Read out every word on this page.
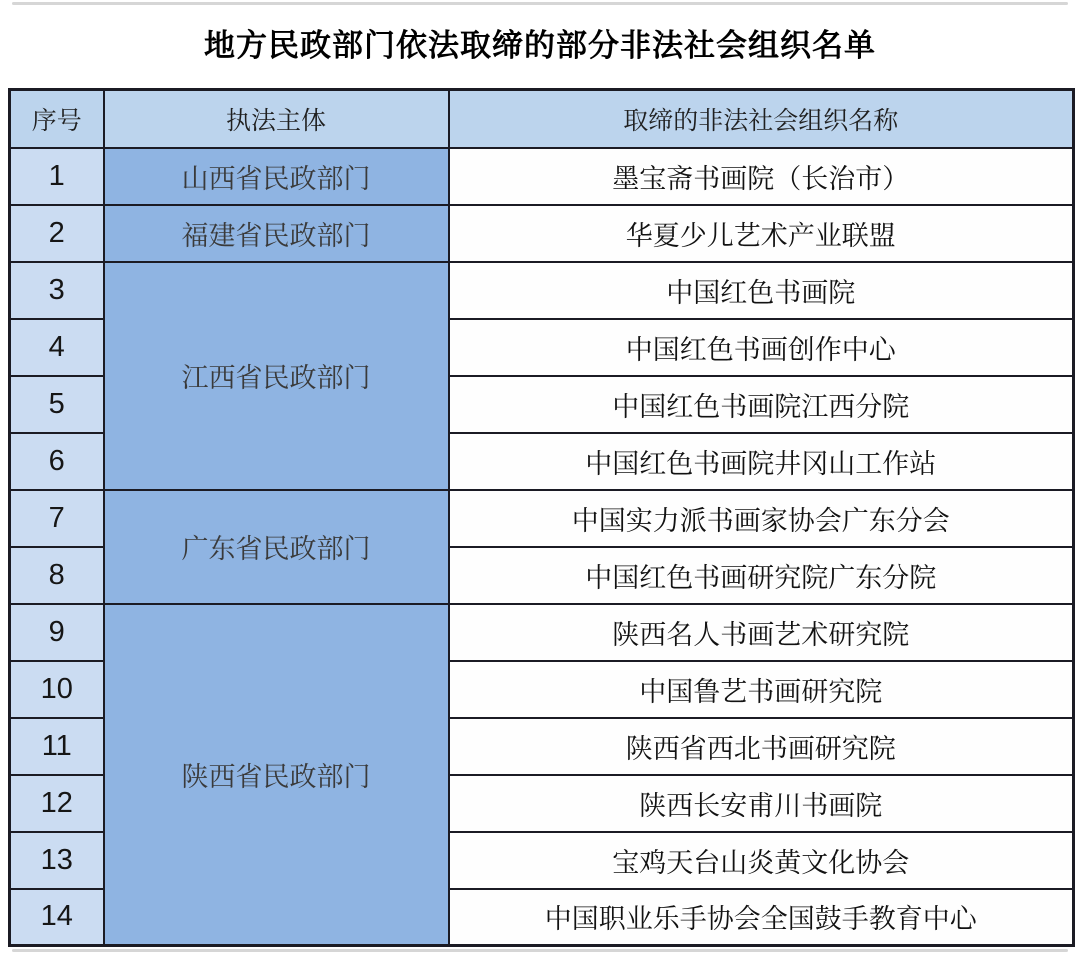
地方民政部门依法取缔的部分非法社会组织名单
序号	执法主体	取缔的非法社会组织名称
1	山西省民政部门	墨宝斋书画院（长治市）
2	福建省民政部门	华夏少儿艺术产业联盟
3	江西省民政部门	中国红色书画院
4		中国红色书画创作中心
5		中国红色书画院江西分院
6		中国红色书画院井冈山工作站
7	广东省民政部门	中国实力派书画家协会广东分会
8		中国红色书画研究院广东分院
9	陕西省民政部门	陕西名人书画艺术研究院
10		中国鲁艺书画研究院
11		陕西省西北书画研究院
12		陕西长安甫川书画院
13		宝鸡天台山炎黄文化协会
14		中国职业乐手协会全国鼓手教育中心
